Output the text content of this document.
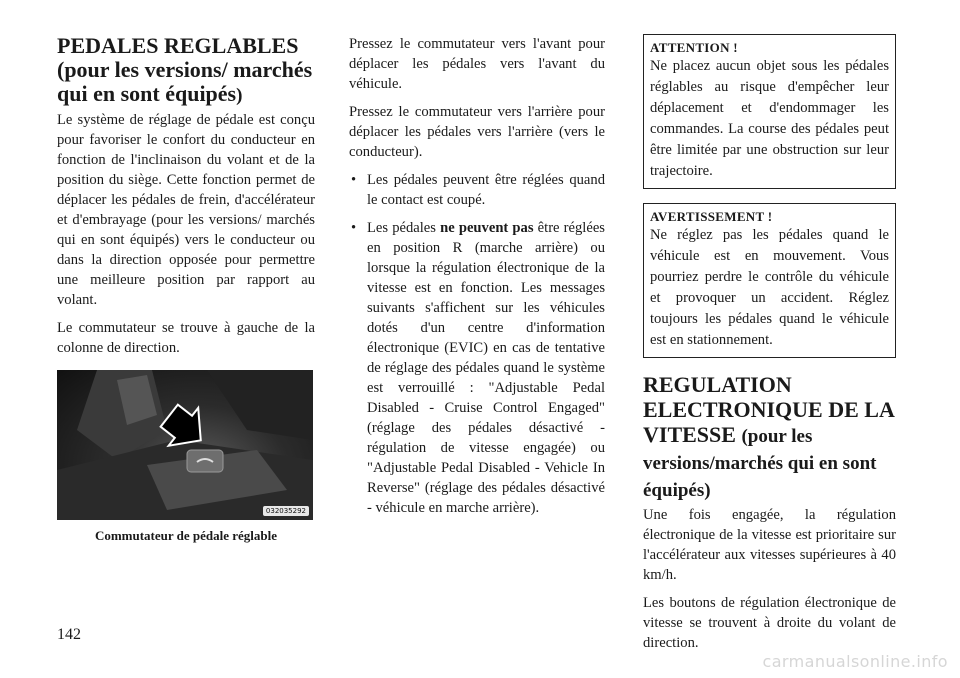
PEDALES REGLABLES (pour les versions/ marchés qui en sont équipés)

Le système de réglage de pédale est conçu pour favoriser le confort du conducteur en fonction de l'inclinaison du volant et de la position du siège. Cette fonction permet de déplacer les pédales de frein, d'accélérateur et d'embrayage (pour les versions/ marchés qui en sont équipés) vers le conducteur ou dans la direction opposée pour permettre une meilleure position par rapport au volant.

Le commutateur se trouve à gauche de la colonne de direction.

032035292
Commutateur de pédale réglable

Pressez le commutateur vers l'avant pour déplacer les pédales vers l'avant du véhicule.

Pressez le commutateur vers l'arrière pour déplacer les pédales vers l'arrière (vers le conducteur).

• Les pédales peuvent être réglées quand le contact est coupé.
• Les pédales ne peuvent pas être réglées en position R (marche arrière) ou lorsque la régulation électronique de la vitesse est en fonction. Les messages suivants s'affichent sur les véhicules dotés d'un centre d'information électronique (EVIC) en cas de tentative de réglage des pédales quand le système est verrouillé : "Adjustable Pedal Disabled - Cruise Control Engaged" (réglage des pédales désactivé - régulation de vitesse engagée) ou "Adjustable Pedal Disabled - Vehicle In Reverse" (réglage des pédales désactivé - véhicule en marche arrière).
ATTENTION !

Ne placez aucun objet sous les pédales réglables au risque d'empêcher leur déplacement et d'endommager les commandes. La course des pédales peut être limitée par une obstruction sur leur trajectoire.

AVERTISSEMENT !

Ne réglez pas les pédales quand le véhicule est en mouvement. Vous pourriez perdre le contrôle du véhicule et provoquer un accident. Réglez toujours les pédales quand le véhicule est en stationnement.

REGULATION ELECTRONIQUE DE LA VITESSE (pour les versions/marchés qui en sont équipés)

Une fois engagée, la régulation électronique de la vitesse est prioritaire sur l'accélérateur aux vitesses supérieures à 40 km/h.

Les boutons de régulation électronique de vitesse se trouvent à droite du volant de direction.

142
carmanualsonline.info
